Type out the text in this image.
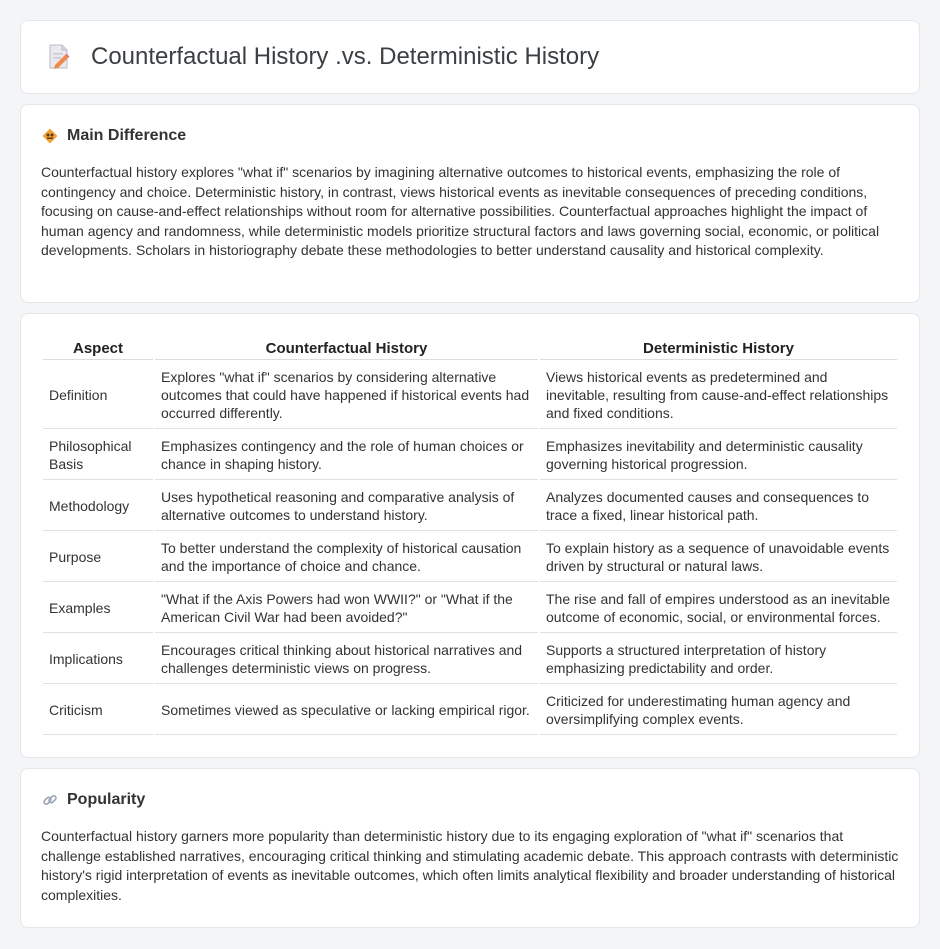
Counterfactual History .vs. Deterministic History
Main Difference

Counterfactual history explores "what if" scenarios by imagining alternative outcomes to historical events, emphasizing the role of contingency and choice. Deterministic history, in contrast, views historical events as inevitable consequences of preceding conditions, focusing on cause-and-effect relationships without room for alternative possibilities. Counterfactual approaches highlight the impact of human agency and randomness, while deterministic models prioritize structural factors and laws governing social, economic, or political developments. Scholars in historiography debate these methodologies to better understand causality and historical complexity.

Aspect	Counterfactual History	Deterministic History
Definition	Explores "what if" scenarios by considering alternative outcomes that could have happened if historical events had occurred differently.	Views historical events as predetermined and inevitable, resulting from cause-and-effect relationships and fixed conditions.
Philosophical Basis	Emphasizes contingency and the role of human choices or chance in shaping history.	Emphasizes inevitability and deterministic causality governing historical progression.
Methodology	Uses hypothetical reasoning and comparative analysis of alternative outcomes to understand history.	Analyzes documented causes and consequences to trace a fixed, linear historical path.
Purpose	To better understand the complexity of historical causation and the importance of choice and chance.	To explain history as a sequence of unavoidable events driven by structural or natural laws.
Examples	"What if the Axis Powers had won WWII?" or "What if the American Civil War had been avoided?"	The rise and fall of empires understood as an inevitable outcome of economic, social, or environmental forces.
Implications	Encourages critical thinking about historical narratives and challenges deterministic views on progress.	Supports a structured interpretation of history emphasizing predictability and order.
Criticism	Sometimes viewed as speculative or lacking empirical rigor.	Criticized for underestimating human agency and oversimplifying complex events.
Popularity

Counterfactual history garners more popularity than deterministic history due to its engaging exploration of "what if" scenarios that challenge established narratives, encouraging critical thinking and stimulating academic debate. This approach contrasts with deterministic history's rigid interpretation of events as inevitable outcomes, which often limits analytical flexibility and broader understanding of historical complexities.
